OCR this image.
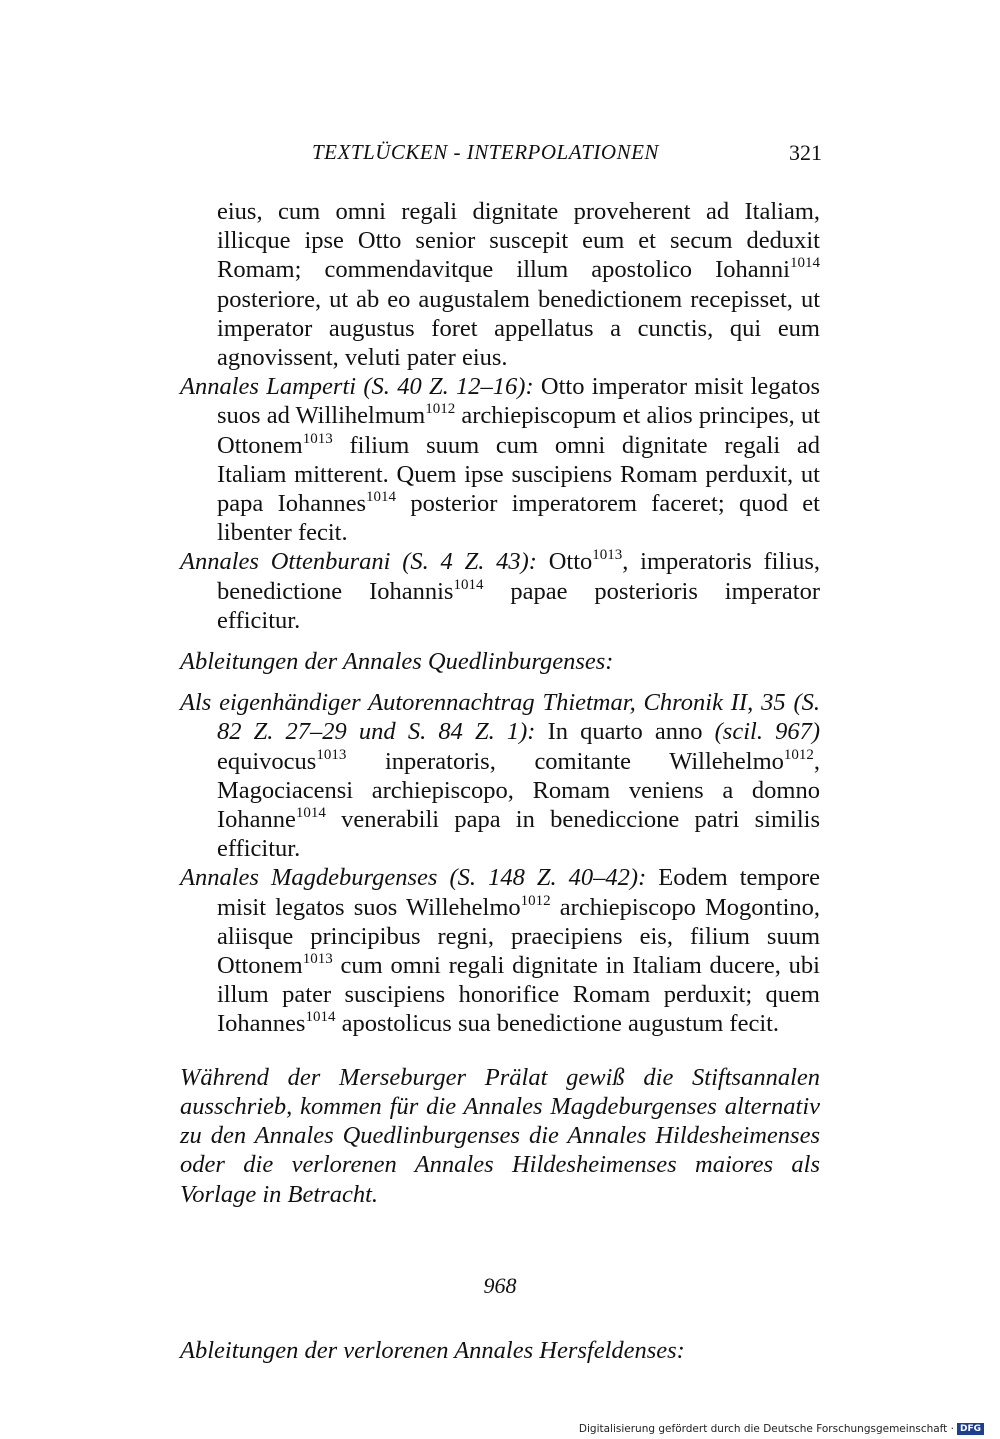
TEXTLÜCKEN - INTERPOLATIONEN	321

eius, cum omni regali dignitate proveherent ad Italiam, illicque ipse Otto senior suscepit eum et secum deduxit Romam; commendavitque illum apostolico Iohanni$^{1014}$ posteriore, ut ab eo augustalem benedictionem recepisset, ut imperator augustus foret appellatus a cunctis, qui eum agnovissent, veluti pater eius.

Annales Lamperti (S. 40 Z. 12–16): Otto imperator misit legatos suos ad Willihelmum$^{1012}$ archiepiscopum et alios principes, ut Ottonem$^{1013}$ filium suum cum omni dignitate regali ad Italiam mitterent. Quem ipse suscipiens Romam perduxit, ut papa Iohannes$^{1014}$ posterior imperatorem faceret; quod et libenter fecit.

Annales Ottenburani (S. 4 Z. 43): Otto$^{1013}$, imperatoris filius, benedictione Iohannis$^{1014}$ papae posterioris imperator efficitur.

Ableitungen der Annales Quedlinburgenses:

Als eigenhändiger Autorennachtrag Thietmar, Chronik II, 35 (S. 82 Z. 27–29 und S. 84 Z. 1): In quarto anno (scil. 967) equivocus$^{1013}$ inperatoris, comitante Willehelmo$^{1012}$, Magociacensi archiepiscopo, Romam veniens a domno Iohanne$^{1014}$ venerabili papa in benediccione patri similis efficitur.

Annales Magdeburgenses (S. 148 Z. 40–42): Eodem tempore misit legatos suos Willehelmo$^{1012}$ archiepiscopo Mogontino, aliisque principibus regni, praecipiens eis, filium suum Ottonem$^{1013}$ cum omni regali dignitate in Italiam ducere, ubi illum pater suscipiens honorifice Romam perduxit; quem Iohannes$^{1014}$ apostolicus sua benedictione augustum fecit.

Während der Merseburger Prälat gewiß die Stiftsannalen ausschrieb, kommen für die Annales Magdeburgenses alternativ zu den Annales Quedlinburgenses die Annales Hildesheimenses oder die verlorenen Annales Hildesheimenses maiores als Vorlage in Betracht.

968

Ableitungen der verlorenen Annales Hersfeldenses:

Digitalisierung gefördert durch die Deutsche Forschungsgemeinschaft · DFG
